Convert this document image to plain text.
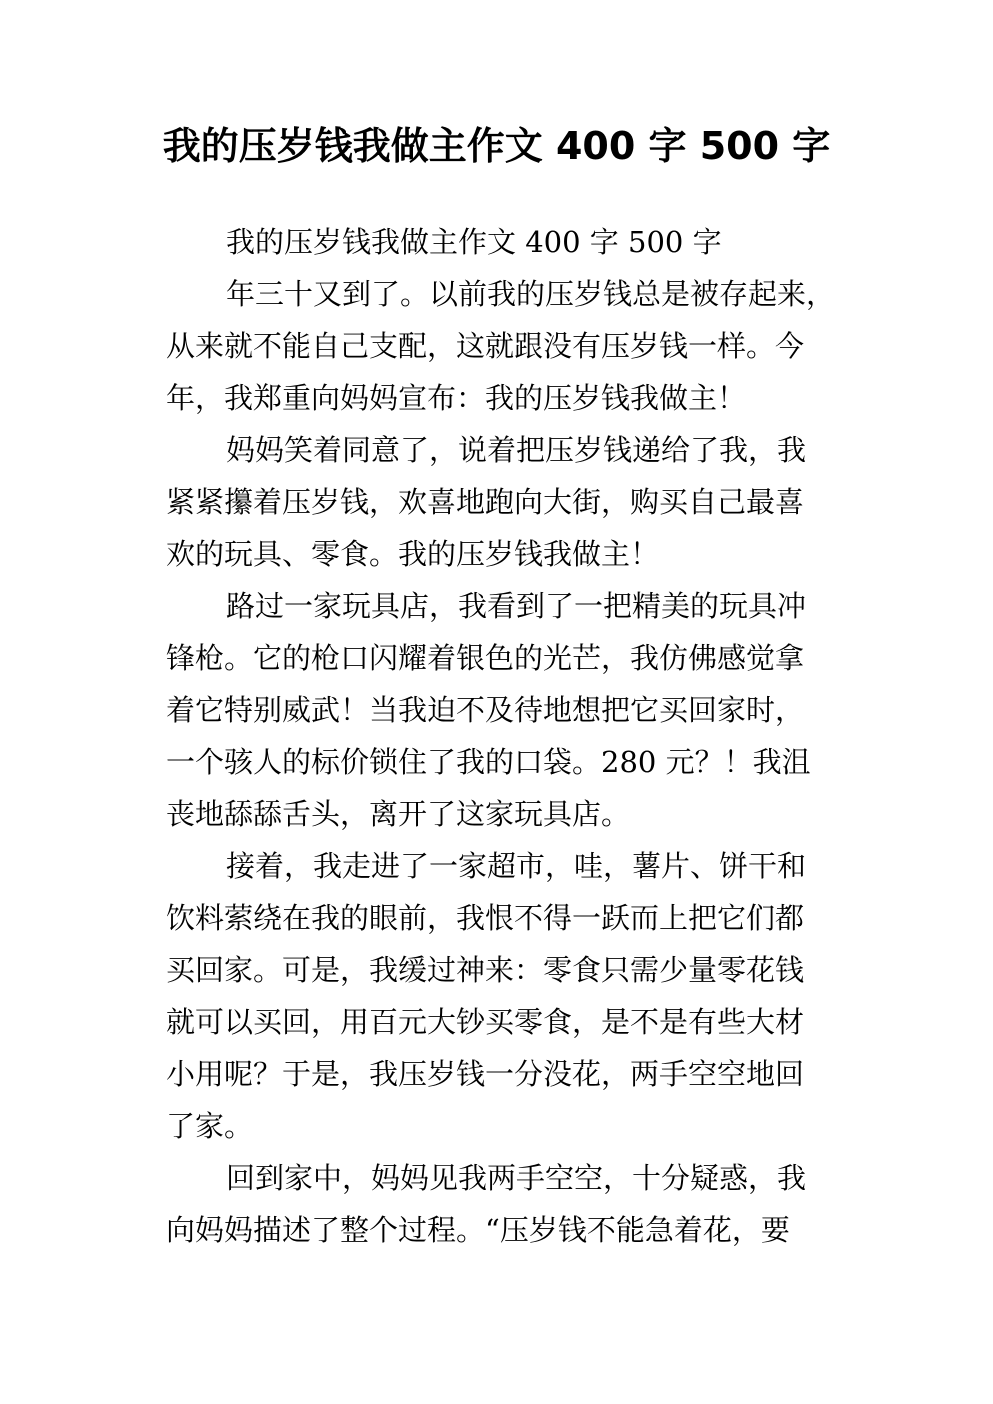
我的压岁钱我做主作文 400 字 500 字
我的压岁钱我做主作文 400 字 500 字
年三十又到了。以前我的压岁钱总是被存起来，
从来就不能自己支配，这就跟没有压岁钱一样。今
年，我郑重向妈妈宣布：我的压岁钱我做主！
妈妈笑着同意了，说着把压岁钱递给了我，我
紧紧攥着压岁钱，欢喜地跑向大街，购买自己最喜
欢的玩具、零食。我的压岁钱我做主！
路过一家玩具店，我看到了一把精美的玩具冲
锋枪。它的枪口闪耀着银色的光芒，我仿佛感觉拿
着它特别威武！当我迫不及待地想把它买回家时，
一个骇人的标价锁住了我的口袋。280 元？！我沮
丧地舔舔舌头，离开了这家玩具店。
接着，我走进了一家超市，哇，薯片、饼干和
饮料萦绕在我的眼前，我恨不得一跃而上把它们都
买回家。可是，我缓过神来：零食只需少量零花钱
就可以买回，用百元大钞买零食，是不是有些大材
小用呢？于是，我压岁钱一分没花，两手空空地回
了家。
回到家中，妈妈见我两手空空，十分疑惑，我
向妈妈描述了整个过程。“压岁钱不能急着花，要
